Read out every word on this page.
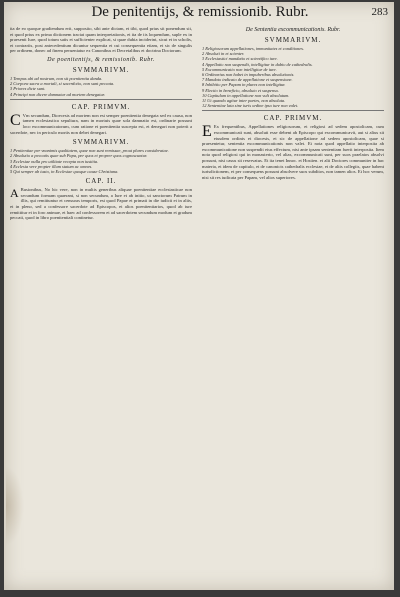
De penitentijs, & remissionib. Rubr.	283

ita de eo quoque gradiendum erit, supposito, sibi ante dictam, et tibi, quod prius sit ponendum sit, et quod prius ex prima dictionem tractat quam interpretationis, et ita de iis loquendum, suple ex in praesenti Iure, quod totum satis et sufficienter explicat, si quae dubia inciderint, sicut et in scholis, et contrariis, post antecedentium dicuntur sequentia et cui consequentia etiam, et sic de singulis per ordinem, donec ad finem perueniatur ex Canonibus et Decretalibus et doctrina Doctorum.

De poenitentijs, & remissionib. Rubr.
SVMMARIVM.

1 Tempus ubi ad nostrum, non sit poenitentia danda.

2 Corpora sacra a mortali, si sacerdotio, non sunt peccata.

3 Priores dicte sunt.

4 Principi non dicere damnatur ad mortem denegatur.

CAP. PRIMVM.

C Vm secundum, Dioecesis ad mortem non est semper poenitentia denegata sed ex causa, non tamen ecclesiastica sepultura, nam in mortuis quae sola damnatio est, ordinarie possunt loco excommunicatorum, cum ratione et poenitentia suscepta est, et denegari non poterit a sacerdote, nec in periculo mortis non debet denegari.

SVMMARIVM.

1 Penitentiae per vnanimis qualitatem, quae non sunt remissae, prout plures consideratae.

2 Absolutio a peccatis quae sub Papa, per quos et proprer quos cognoscuntur.

3 Ecclesiae nulla pro utilitate recepta non iustitia.

4 Ecclesia vere propter illum statum ac omnes.

5 Qui semper ab iusto, in Ecclesiae quoque cause Christiana.

CAP. II.

A Busionibus, No hic vere, non in multis generibus aliquae poenitentiae ecclesiasticae non secundum formam quaerant, si non secundum, a Iure et ab initio, ut sanctorum Patrum in illis, qui remittuntur et censuras temporis, est quod Papae et primati in die iudicii et in aliis, et in pleno, sed a confessore sacerdote ad Episcopos, et alios poenitentiarios, quod ab iure remittitur et in foro animae, et haec ad confessorem et ad sacerdotem secundum modum et gradum peccati, quod in libro poenitentiali continetur.

De Sententia excommunicationis. Rubr.
SVMMARIVM.

1 Religiosorum appellationes, immunitates et conditiones.

2 Absoluti in et scienter.

3 Ecclesiastici mandatio et scientifico iure.

4 Appellatio non suspendit, intelligitur in dubio de cathedralis.

5 Excommunicatio non intelligitur de iure.

6 Ordinarius non habet in impuberibus absolutionis.

7 Mandato indicato de appellatione et suspensione.

8 Inhibitio per Papam in plures non intelligitur.

9 Electio in beneficio, absoluto et suspenso.

10 Capitulum in appellatione non vult absolutum.

11 Ut quando agitur inter partes, non absoluta.

12 Sententiae lata sine iuris ordine ipso iure non valet.

CAP. PRIMVM.

E Ex frequentibus, Appellationes religiosorum, et religiosi ad sedem apostolicam, cum excommunicati sunt, absoluti esse debent ab Episcopo qui excommunicavit, aut si alius sit eiusdem ordinis et diocesis, et sic de appellatione ad sedem apostolicam, quae si praesentetur, sententia excommunicationis non valet. Et nota quod appellatio interposita ab excommunicatione non suspendit eius effectum, nisi ante ipsam sententiam fuerit interposita. Item nota quod religiosi qui in monasterio, vel alias, excommunicati sunt, per suos praelatos absolvi possunt, nisi casus sit reservatus. Et ita tenet Innoc. et Hostien. et alii Doctores communiter in hac materia, et idem de capitulo, et de canonicis cathedralis ecclesiae, et de aliis collegiis, quae habent iurisdictionem, et per consequens possunt absolvere suos subditos, non tamen alios. Et hoc verum, nisi sit res iudicata per Papam, vel alios superiores.
